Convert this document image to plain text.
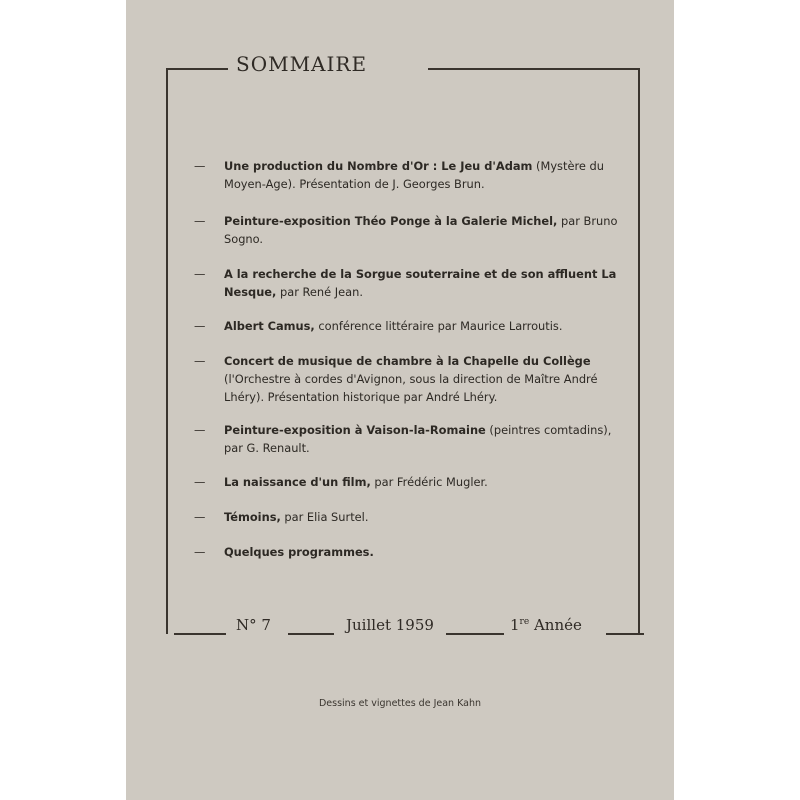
SOMMAIRE
—	Une production du Nombre d'Or : Le Jeu d'Adam (Mystère du Moyen-Age). Présentation de J. Georges Brun.
—	Peinture-exposition Théo Ponge à la Galerie Michel, par Bruno Sogno.
—	A la recherche de la Sorgue souterraine et de son affluent La Nesque, par René Jean.
—	Albert Camus, conférence littéraire par Maurice Larroutis.
—	Concert de musique de chambre à la Chapelle du Collège (l'Orchestre à cordes d'Avignon, sous la direction de Maître André Lhéry). Présentation historique par André Lhéry.
—	Peinture-exposition à Vaison-la-Romaine (peintres comtadins), par G. Renault.
—	La naissance d'un film, par Frédéric Mugler.
—	Témoins, par Elia Surtel.
—	Quelques programmes.
N° 7	Juillet 1959	1re Année
Dessins et vignettes de Jean Kahn
